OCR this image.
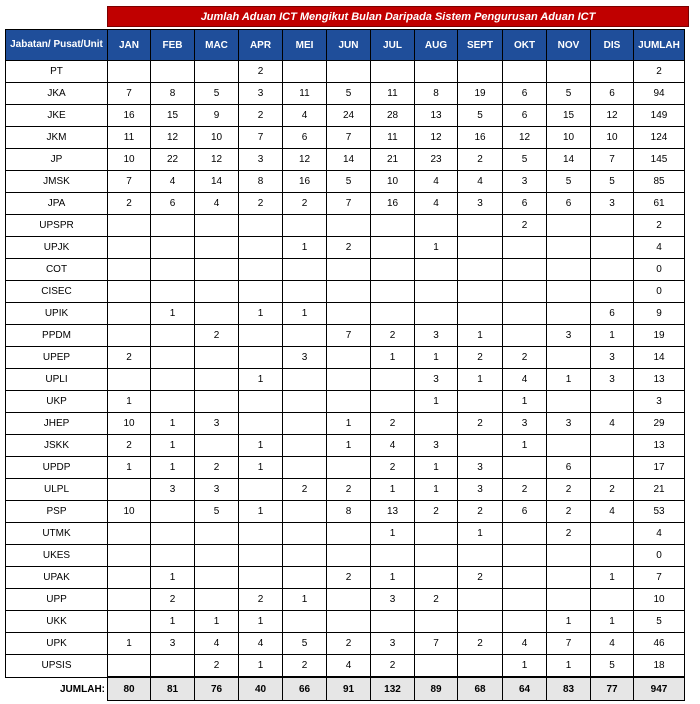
Jumlah Aduan ICT Mengikut Bulan Daripada Sistem Pengurusan Aduan ICT
Jabatan/ Pusat/Unit	JAN	FEB	MAC	APR	MEI	JUN	JUL	AUG	SEPT	OKT	NOV	DIS	JUMLAH
PT				2									2
JKA	7	8	5	3	11	5	11	8	19	6	5	6	94
JKE	16	15	9	2	4	24	28	13	5	6	15	12	149
JKM	11	12	10	7	6	7	11	12	16	12	10	10	124
JP	10	22	12	3	12	14	21	23	2	5	14	7	145
JMSK	7	4	14	8	16	5	10	4	4	3	5	5	85
JPA	2	6	4	2	2	7	16	4	3	6	6	3	61
UPSPR										2			2
UPJK					1	2		1					4
COT													0
CISEC													0
UPIK		1		1	1							6	9
PPDM			2			7	2	3	1		3	1	19
UPEP	2				3		1	1	2	2		3	14
UPLI				1				3	1	4	1	3	13
UKP	1							1		1			3
JHEP	10	1	3			1	2		2	3	3	4	29
JSKK	2	1		1		1	4	3		1			13
UPDP	1	1	2	1			2	1	3		6		17
ULPL		3	3		2	2	1	1	3	2	2	2	21
PSP	10		5	1		8	13	2	2	6	2	4	53
UTMK							1		1		2		4
UKES													0
UPAK		1				2	1		2			1	7
UPP		2		2	1		3	2					10
UKK		1	1	1							1	1	5
UPK	1	3	4	4	5	2	3	7	2	4	7	4	46
UPSIS			2	1	2	4	2			1	1	5	18
JUMLAH:	80	81	76	40	66	91	132	89	68	64	83	77	947
